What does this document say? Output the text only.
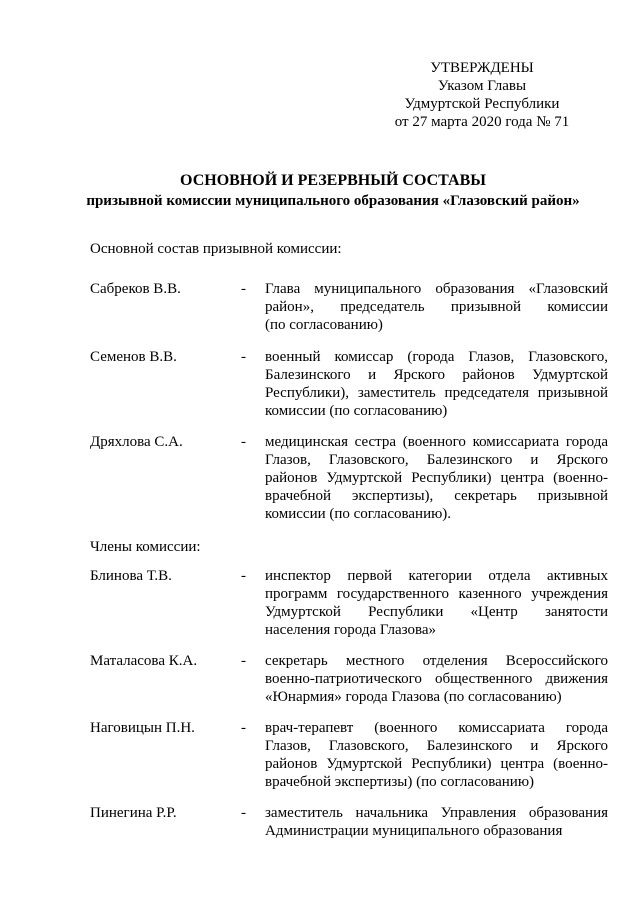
УТВЕРЖДЕНЫ
Указом Главы
Удмуртской Республики
от 27 марта 2020 года № 71
ОСНОВНОЙ И РЕЗЕРВНЫЙ СОСТАВЫ
призывной комиссии муниципального образования «Глазовский район»
Основной состав призывной комиссии:
Члены комиссии:
Сабреков В.В.	-	Глава муниципального образования «Глазовский
район», председатель призывной комиссии
(по согласованию)
Семенов В.В.	-	военный комиссар (города Глазов, Глазовского,
Балезинского и Ярского районов Удмуртской
Республики), заместитель председателя призывной
комиссии (по согласованию)
Дряхлова С.А.	-	медицинская сестра (военного комиссариата города
Глазов, Глазовского, Балезинского и Ярского
районов Удмуртской Республики) центра (военно-
врачебной экспертизы), секретарь призывной
комиссии (по согласованию).
Блинова Т.В.	-	инспектор первой категории отдела активных
программ государственного казенного учреждения
Удмуртской Республики «Центр занятости
населения города Глазова»
Маталасова К.А.	-	секретарь местного отделения Всероссийского
военно-патриотического общественного движения
«Юнармия» города Глазова (по согласованию)
Наговицын П.Н.	-	врач-терапевт (военного комиссариата города
Глазов, Глазовского, Балезинского и Ярского
районов Удмуртской Республики) центра (военно-
врачебной экспертизы) (по согласованию)
Пинегина Р.Р.	-	заместитель начальника Управления образования
Администрации муниципального образования
